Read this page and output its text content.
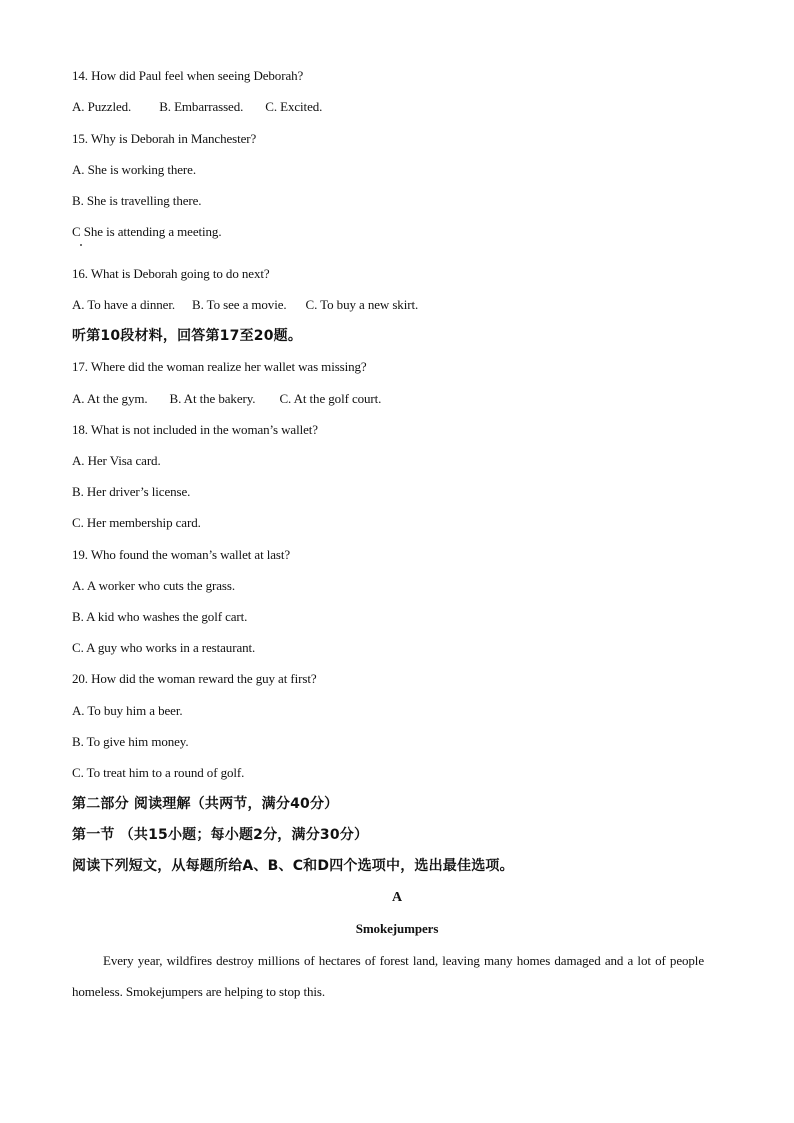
14. How did Paul feel when seeing Deborah?
A. Puzzled. B. Embarrassed. C. Excited.
15. Why is Deborah in Manchester?
A. She is working there.
B. She is travelling there.
C She is attending a meeting.
16. What is Deborah going to do next?
A. To have a dinner. B. To see a movie. C. To buy a new skirt.
听第10段材料，回答第17至20题。
17. Where did the woman realize her wallet was missing?
A. At the gym. B. At the bakery. C. At the golf court.
18. What is not included in the woman’s wallet?
A. Her Visa card.
B. Her driver’s license.
C. Her membership card.
19. Who found the woman’s wallet at last?
A. A worker who cuts the grass.
B. A kid who washes the golf cart.
C. A guy who works in a restaurant.
20. How did the woman reward the guy at first?
A. To buy him a beer.
B. To give him money.
C. To treat him to a round of golf.
第二部分 阅读理解（共两节，满分40分）
第一节 （共15小题；每小题2分，满分30分）
阅读下列短文，从每题所给A、B、C和D四个选项中，选出最佳选项。
A
Smokejumpers
Every year, wildfires destroy millions of hectares of forest land, leaving many homes damaged and a lot of people homeless. Smokejumpers are helping to stop this.
